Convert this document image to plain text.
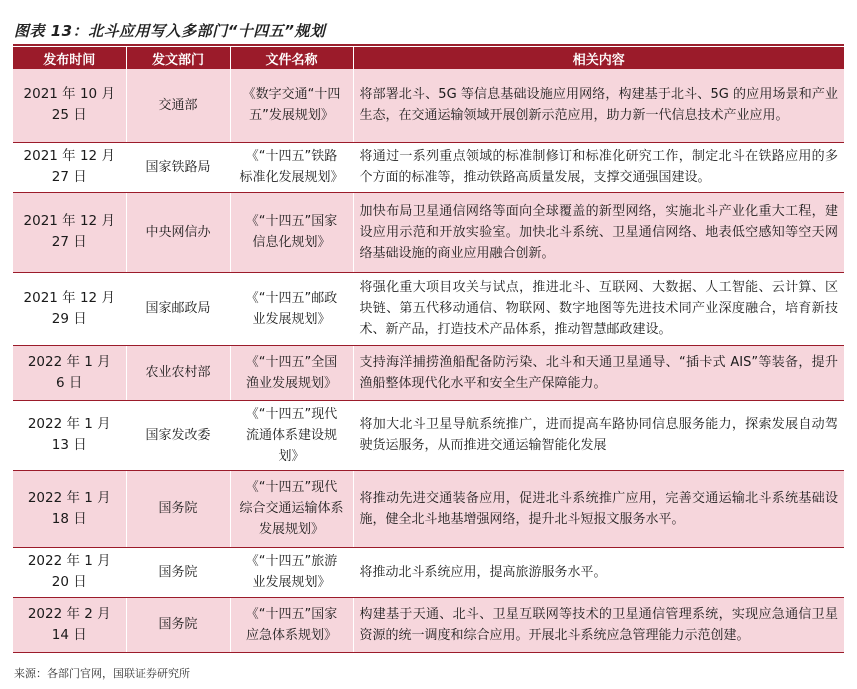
图表 13：北斗应用写入多部门“十四五”规划
发布时间	发文部门	文件名称	相关内容
2021 年 10 月
25 日	交通部	《数字交通“十四
五”发展规划》	将部署北斗、5G 等信息基础设施应用网络，构建基于北斗、5G 的应用场景和产业生态，在交通运输领域开展创新示范应用，助力新一代信息技术产业应用。
2021 年 12 月
27 日	国家铁路局	《“十四五”铁路
标准化发展规划》	将通过一系列重点领域的标准制修订和标准化研究工作，制定北斗在铁路应用的多个方面的标准等，推动铁路高质量发展，支撑交通强国建设。
2021 年 12 月
27 日	中央网信办	《“十四五”国家
信息化规划》	加快布局卫星通信网络等面向全球覆盖的新型网络，实施北斗产业化重大工程，建设应用示范和开放实验室。加快北斗系统、卫星通信网络、地表低空感知等空天网络基础设施的商业应用融合创新。
2021 年 12 月
29 日	国家邮政局	《“十四五”邮政
业发展规划》	将强化重大项目攻关与试点，推进北斗、互联网、大数据、人工智能、云计算、区块链、第五代移动通信、物联网、数字地图等先进技术同产业深度融合，培育新技术、新产品，打造技术产品体系，推动智慧邮政建设。
2022 年 1 月
6 日	农业农村部	《“十四五”全国
渔业发展规划》	支持海洋捕捞渔船配备防污染、北斗和天通卫星通导、“插卡式 AIS”等装备，提升渔船整体现代化水平和安全生产保障能力。
2022 年 1 月
13 日	国家发改委	《“十四五”现代
流通体系建设规
划》	将加大北斗卫星导航系统推广，进而提高车路协同信息服务能力，探索发展自动驾驶货运服务，从而推进交通运输智能化发展
2022 年 1 月
18 日	国务院	《“十四五”现代
综合交通运输体系
发展规划》	将推动先进交通装备应用，促进北斗系统推广应用，完善交通运输北斗系统基础设施，健全北斗地基增强网络，提升北斗短报文服务水平。
2022 年 1 月
20 日	国务院	《“十四五”旅游
业发展规划》	将推动北斗系统应用，提高旅游服务水平。
2022 年 2 月
14 日	国务院	《“十四五”国家
应急体系规划》	构建基于天通、北斗、卫星互联网等技术的卫星通信管理系统，实现应急通信卫星资源的统一调度和综合应用。开展北斗系统应急管理能力示范创建。
来源：各部门官网，国联证券研究所
